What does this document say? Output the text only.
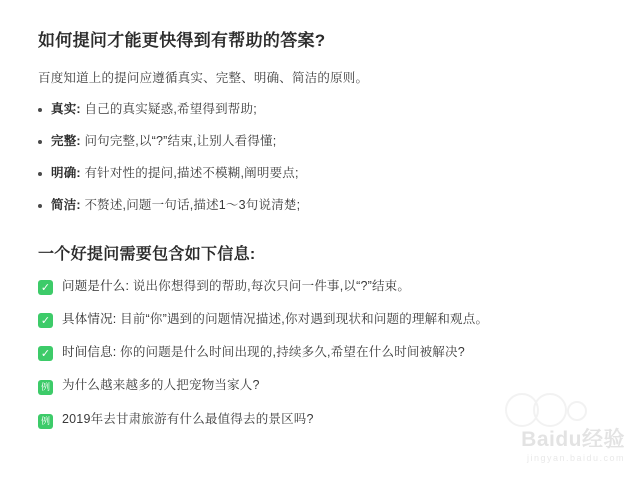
如何提问才能更快得到有帮助的答案?

百度知道上的提问应遵循真实、完整、明确、简洁的原则。

真实: 自己的真实疑惑,希望得到帮助;
完整: 问句完整,以“?”结束,让别人看得懂;
明确: 有针对性的提问,描述不模糊,阐明要点;
简洁: 不赘述,问题一句话,描述1～3句说清楚;
一个好提问需要包含如下信息:
✓ 问题是什么: 说出你想得到的帮助,每次只问一件事,以“?”结束。
✓ 具体情况: 目前“你”遇到的问题情况描述,你对遇到现状和问题的理解和观点。
✓ 时间信息: 你的问题是什么时间出现的,持续多久,希望在什么时间被解决?
例 为什么越来越多的人把宠物当家人?
例 2019年去甘肃旅游有什么最值得去的景区吗?
Baidu经验
jingyan.baidu.com
